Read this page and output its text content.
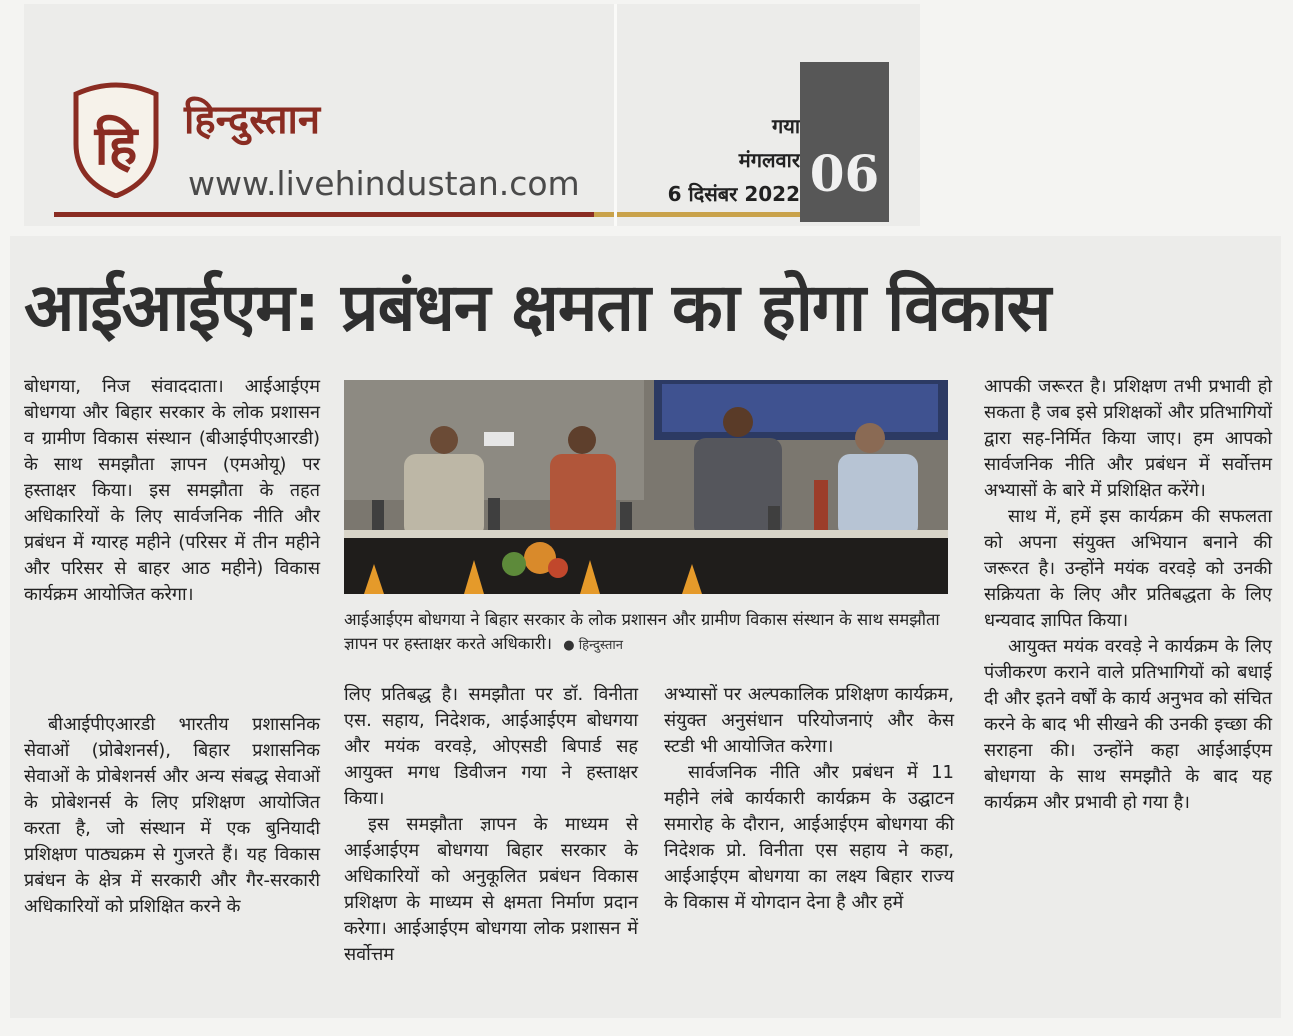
हि हिन्दुस्तान
www.livehindustan.com
गया
मंगलवार
6 दिसंबर 2022 06
आईआईएम: प्रबंधन क्षमता का होगा विकास

बोधगया, निज संवाददाता। आईआईएम बोधगया और बिहार सरकार के लोक प्रशासन व ग्रामीण विकास संस्थान (बीआईपीएआरडी) के साथ समझौता ज्ञापन (एमओयू) पर हस्ताक्षर किया। इस समझौता के तहत अधिकारियों के लिए सार्वजनिक नीति और प्रबंधन में ग्यारह महीने (परिसर में तीन महीने और परिसर से बाहर आठ महीने) विकास कार्यक्रम आयोजित करेगा।

बीआईपीएआरडी भारतीय प्रशासनिक सेवाओं (प्रोबेशनर्स), बिहार प्रशासनिक सेवाओं के प्रोबेशनर्स और अन्य संबद्ध सेवाओं के प्रोबेशनर्स के लिए प्रशिक्षण आयोजित करता है, जो संस्थान में एक बुनियादी प्रशिक्षण पाठ्यक्रम से गुजरते हैं। यह विकास प्रबंधन के क्षेत्र में सरकारी और गैर-सरकारी अधिकारियों को प्रशिक्षित करने के

आईआईएम बोधगया ने बिहार सरकार के लोक प्रशासन और ग्रामीण विकास संस्थान के साथ समझौता ज्ञापन पर हस्ताक्षर करते अधिकारी। ● हिन्दुस्तान

लिए प्रतिबद्ध है। समझौता पर डॉ. विनीता एस. सहाय, निदेशक, आईआईएम बोधगया और मयंक वरवड़े, ओएसडी बिपार्ड सह आयुक्त मगध डिवीजन गया ने हस्ताक्षर किया।

इस समझौता ज्ञापन के माध्यम से आईआईएम बोधगया बिहार सरकार के अधिकारियों को अनुकूलित प्रबंधन विकास प्रशिक्षण के माध्यम से क्षमता निर्माण प्रदान करेगा। आईआईएम बोधगया लोक प्रशासन में सर्वोत्तम

अभ्यासों पर अल्पकालिक प्रशिक्षण कार्यक्रम, संयुक्त अनुसंधान परियोजनाएं और केस स्टडी भी आयोजित करेगा।

सार्वजनिक नीति और प्रबंधन में 11 महीने लंबे कार्यकारी कार्यक्रम के उद्घाटन समारोह के दौरान, आईआईएम बोधगया की निदेशक प्रो. विनीता एस सहाय ने कहा, आईआईएम बोधगया का लक्ष्य बिहार राज्य के विकास में योगदान देना है और हमें

आपकी जरूरत है। प्रशिक्षण तभी प्रभावी हो सकता है जब इसे प्रशिक्षकों और प्रतिभागियों द्वारा सह-निर्मित किया जाए। हम आपको सार्वजनिक नीति और प्रबंधन में सर्वोत्तम अभ्यासों के बारे में प्रशिक्षित करेंगे।

साथ में, हमें इस कार्यक्रम की सफलता को अपना संयुक्त अभियान बनाने की जरूरत है। उन्होंने मयंक वरवड़े को उनकी सक्रियता के लिए और प्रतिबद्धता के लिए धन्यवाद ज्ञापित किया।

आयुक्त मयंक वरवड़े ने कार्यक्रम के लिए पंजीकरण कराने वाले प्रतिभागियों को बधाई दी और इतने वर्षों के कार्य अनुभव को संचित करने के बाद भी सीखने की उनकी इच्छा की सराहना की। उन्होंने कहा आईआईएम बोधगया के साथ समझौते के बाद यह कार्यक्रम और प्रभावी हो गया है।
